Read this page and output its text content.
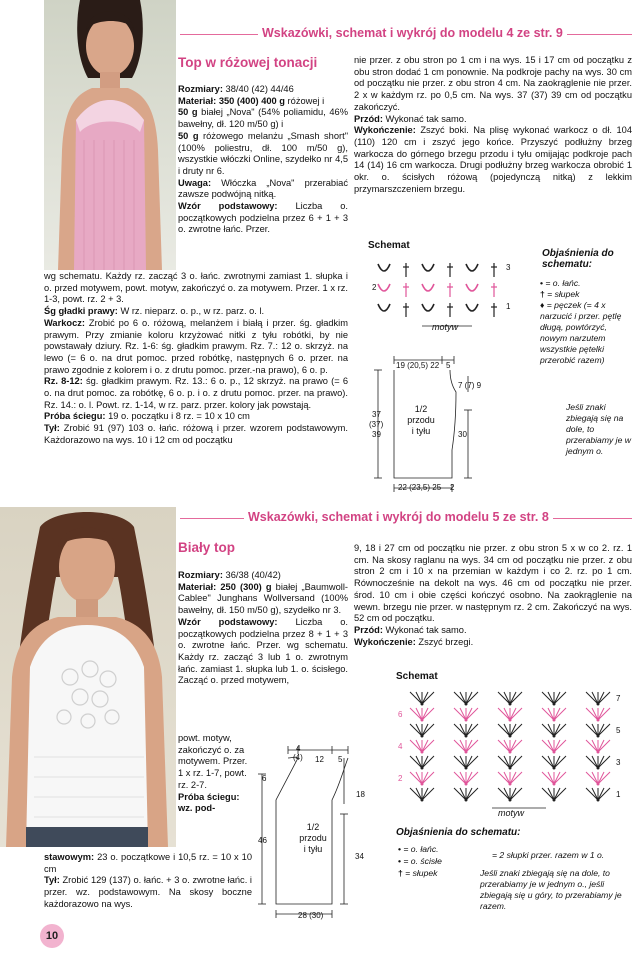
Wskazówki, schemat i wykrój do modelu 4 ze str. 9
Top w różowej tonacji

Rozmiary: 38/40 (42) 44/46

Materiał: 350 (400) 400 g różowej i

50 g białej „Nova" (54% poliamidu, 46% bawełny, dł. 120 m/50 g) i

50 g różowego melanżu „Smash short" (100% poliestru, dł. 100 m/50 g), wszystkie włóczki Online, szydełko nr 4,5 i druty nr 6.

Uwaga: Włóczka „Nova" przerabiać zawsze podwójną nitką.

Wzór podstawowy: Liczba o. początkowych podzielna przez 6 + 1 + 3 o. zwrotne łańc. Przer.

wg schematu. Każdy rz. zacząć 3 o. łańc. zwrotnymi zamiast 1. słupka i o. przed motywem, powt. motyw, zakończyć o. za motywem. Przer. 1 x rz. 1-3, powt. rz. 2 + 3.

Śg gładki prawy: W rz. nieparz. o. p., w rz. parz. o. l.

Warkocz: Zrobić po 6 o. różową, melanżem i białą i przer. śg. gładkim prawym. Przy zmianie koloru krzyżować nitki z tyłu robótki, by nie powstawały dziury. Rz. 1-6: śg. gładkim prawym. Rz. 7.: 12 o. skrzyż. na lewo (= 6 o. na drut pomoc. przed robótkę, następnych 6 o. przer. na prawo zgodnie z kolorem i o. z drutu pomoc. przer.-na prawo), 6 o. p.

Rz. 8-12: śg. gładkim prawym. Rz. 13.: 6 o. p., 12 skrzyż. na prawo (= 6 o. na drut pomoc. za robótkę, 6 o. p. i o. z drutu pomoc. przer. na prawo). Rz. 14.: o. l. Powt. rz. 1-14, w rz. parz. przer. kolory jak powstają.

Próba ściegu: 19 o. początku i 8 rz. = 10 x 10 cm

Tył: Zrobić 91 (97) 103 o. łańc. różową i przer. wzorem podstawowym. Każdorazowo na wys. 10 i 12 cm od początku

nie przer. z obu stron po 1 cm i na wys. 15 i 17 cm od początku z obu stron dodać 1 cm ponownie. Na podkroje pachy na wys. 30 cm od początku nie przer. z obu stron 4 cm. Na zaokrąglenie nie przer. 2 x w każdym rz. po 0,5 cm. Na wys. 37 (37) 39 cm od początku zakończyć.

Przód: Wykonać tak samo.

Wykończenie: Zszyć boki. Na plisę wykonać warkocz o dł. 104 (110) 120 cm i zszyć jego końce. Przyszyć podłużny brzeg warkocza do górnego brzegu przodu i tyłu omijając podkroje pach 14 (14) 16 cm warkocza. Drugi podłużny brzeg warkocza obrobić 1 okr. o. ścisłych różową (pojedynczą nitką) z lekkim przymarszczeniem brzegu.

Schemat
3
2
1
motyw
Objaśnienia do schematu:
• = o. łańc.
† = słupek
♦ = pęczek (= 4 x narzucić i przer. pętlę długą, powtórzyć, nowym narzutem wszystkie pętelki przerobić razem)
Jeśli znaki zbiegają się na dole, to przerabiamy je w jednym o.
19 (20,5) 22 5
7 (7) 9
37
(37)
39	30
1/2
przodu
i tyłu
22 (23,5) 25 2
Wskazówki, schemat i wykrój do modelu 5 ze str. 8
Biały top

Rozmiary: 36/38 (40/42)

Materiał: 250 (300) g białej „Baumwoll-Cablee" Junghans Wollversand (100% bawełny, dł. 150 m/50 g), szydełko nr 3.

Wzór podstawowy: Liczba o. początkowych podzielna przez 8 + 1 + 3 o. zwrotne łańc. Przer. wg schematu. Każdy rz. zacząć 3 lub 1 o. zwrotnym łańc. zamiast 1. słupka lub 1. o. ścisłego. Zacząć o. przed motywem,

powt. motyw, zakończyć o. za motywem. Przer. 1 x rz. 1-7, powt. rz. 2-7.

Próba ściegu: wz. pod-

stawowym: 23 o. początkowe i 10,5 rz. = 10 x 10 cm

Tył: Zrobić 129 (137) o. łańc. + 3 o. zwrotne łańc. i przer. wz. podstawowym. Na skosy boczne każdorazowo na wys.

9, 18 i 27 cm od początku nie przer. z obu stron 5 x w co 2. rz. 1 cm. Na skosy raglanu na wys. 34 cm od początku nie przer. z obu stron 2 cm i 10 x na przemian w każdym i co 2. rz. po 1 cm. Równocześnie na dekolt na wys. 46 cm od początku nie przer. środ. 10 cm i obie części kończyć osobno. Na zaokrąglenie na wewn. brzegu nie przer. w następnym rz. 2 cm. Zakończyć na wys. 52 cm od początku.

Przód: Wykonać tak samo.

Wykończenie: Zszyć brzegi.

4
(4) 12 5
6
18
46
34
1/2
przodu
i tyłu
28 (30)
Schemat
7
6
5
4
3
2
1
motyw
Objaśnienia do schematu:
• = o. łańc.
• = o. ścisłe
† = słupek
= 2 słupki przer. razem w 1 o.
Jeśli znaki zbiegają się na dole, to przerabiamy je w jednym o., jeśli zbiegają się u góry, to przerabiamy je razem.
10
